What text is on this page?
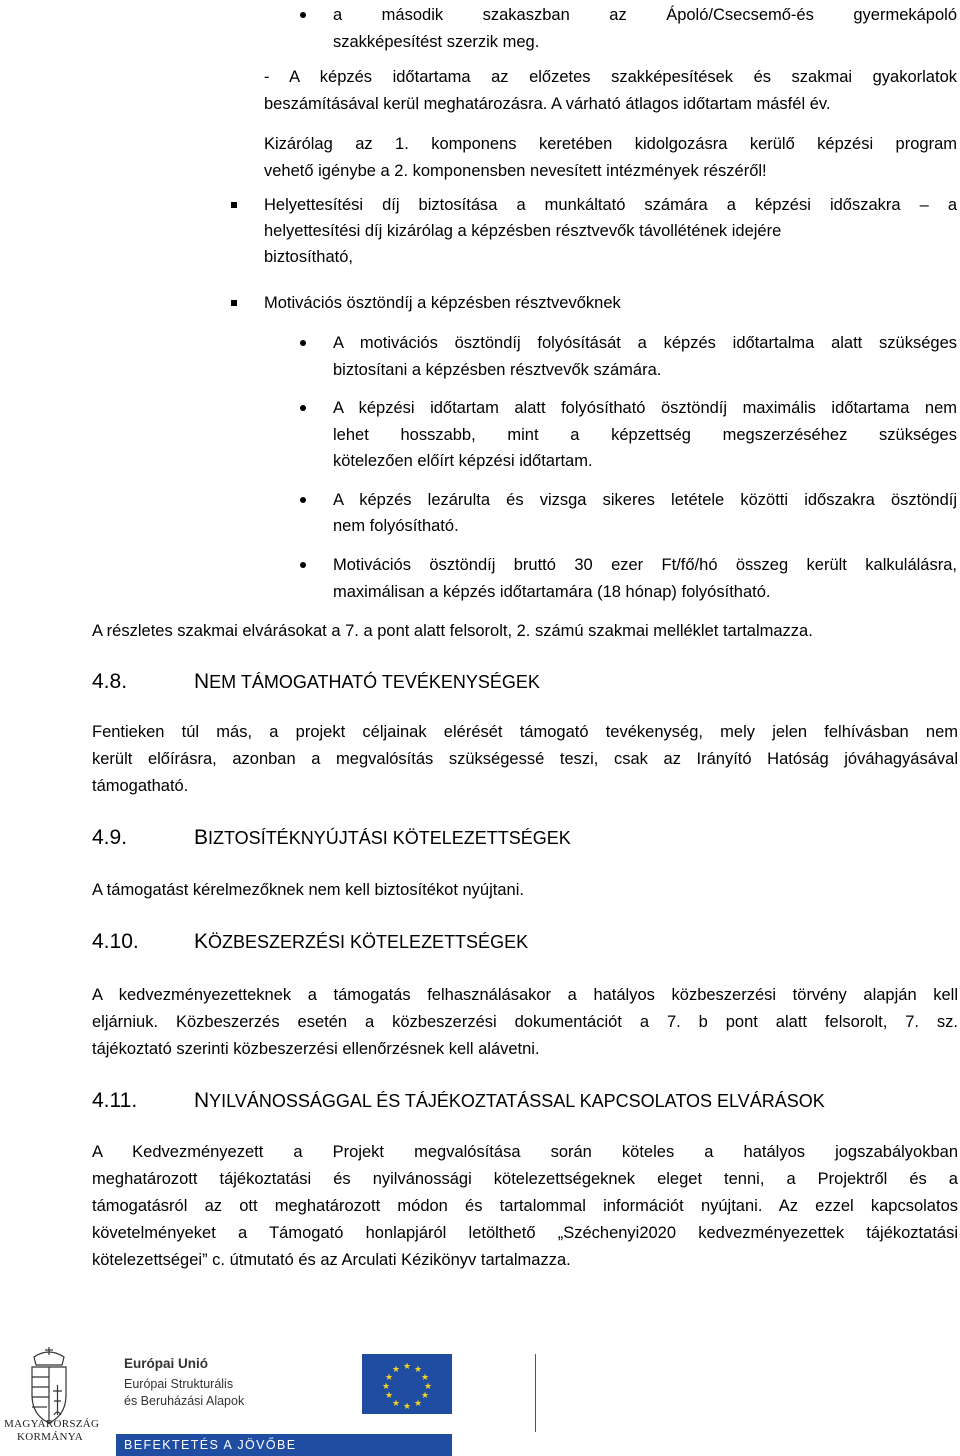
a második szakaszban az Ápoló/Csecsemő-és gyermekápoló
szakképesítést szerzik meg.
- A képzés időtartama az előzetes szakképesítések és szakmai gyakorlatok
beszámításával kerül meghatározásra. A várható átlagos időtartam másfél év.
Kizárólag az 1. komponens keretében kidolgozásra kerülő képzési program
vehető igénybe a 2. komponensben nevesített intézmények részéről!
Helyettesítési díj biztosítása a munkáltató számára a képzési időszakra – a
helyettesítési díj kizárólag a képzésben résztvevők távollétének idejére
biztosítható,
Motivációs ösztöndíj a képzésben résztvevőknek
A motivációs ösztöndíj folyósítását a képzés időtartalma alatt szükséges
biztosítani a képzésben résztvevők számára.
A képzési időtartam alatt folyósítható ösztöndíj maximális időtartama nem
lehet hosszabb, mint a képzettség megszerzéséhez szükséges
kötelezően előírt képzési időtartam.
A képzés lezárulta és vizsga sikeres letétele közötti időszakra ösztöndíj
nem folyósítható.
Motivációs ösztöndíj bruttó 30 ezer Ft/fő/hó összeg került kalkulálásra,
maximálisan a képzés időtartamára (18 hónap) folyósítható.
A részletes szakmai elvárásokat a 7. a pont alatt felsorolt, 2. számú szakmai melléklet tartalmazza.
4.8.	NEM TÁMOGATHATÓ TEVÉKENYSÉGEK
Fentieken túl más, a projekt céljainak elérését támogató tevékenység, mely jelen felhívásban nem
került előírásra, azonban a megvalósítás szükségessé teszi, csak az Irányító Hatóság jóváhagyásával
támogatható.
4.9.	BIZTOSÍTÉKNYÚJTÁSI KÖTELEZETTSÉGEK
A támogatást kérelmezőknek nem kell biztosítékot nyújtani.
4.10.	KÖZBESZERZÉSI KÖTELEZETTSÉGEK
A kedvezményezetteknek a támogatás felhasználásakor a hatályos közbeszerzési törvény alapján kell
eljárniuk. Közbeszerzés esetén a közbeszerzési dokumentációt a 7. b pont alatt felsorolt, 7. sz.
tájékoztató szerinti közbeszerzési ellenőrzésnek kell alávetni.
4.11.	NYILVÁNOSSÁGGAL ÉS TÁJÉKOZTATÁSSAL KAPCSOLATOS ELVÁRÁSOK
A Kedvezményezett a Projekt megvalósítása során köteles a hatályos jogszabályokban
meghatározott tájékoztatási és nyilvánossági kötelezettségeknek eleget tenni, a Projektről és a
támogatásról az ott meghatározott módon és tartalommal információt nyújtani. Az ezzel kapcsolatos
követelményeket a Támogató honlapjáról letölthető „Széchenyi2020 kedvezményezettek tájékoztatási
kötelezettségei” c. útmutató és az Arculati Kézikönyv tartalmazza.
MAGYARORSZÁG
KORMÁNYA
Európai Unió
Európai Strukturális
és Beruházási Alapok
★ ★
★
★
★
★
★
★
★
★
★
★
BEFEKTETÉS A JÖVŐBE
